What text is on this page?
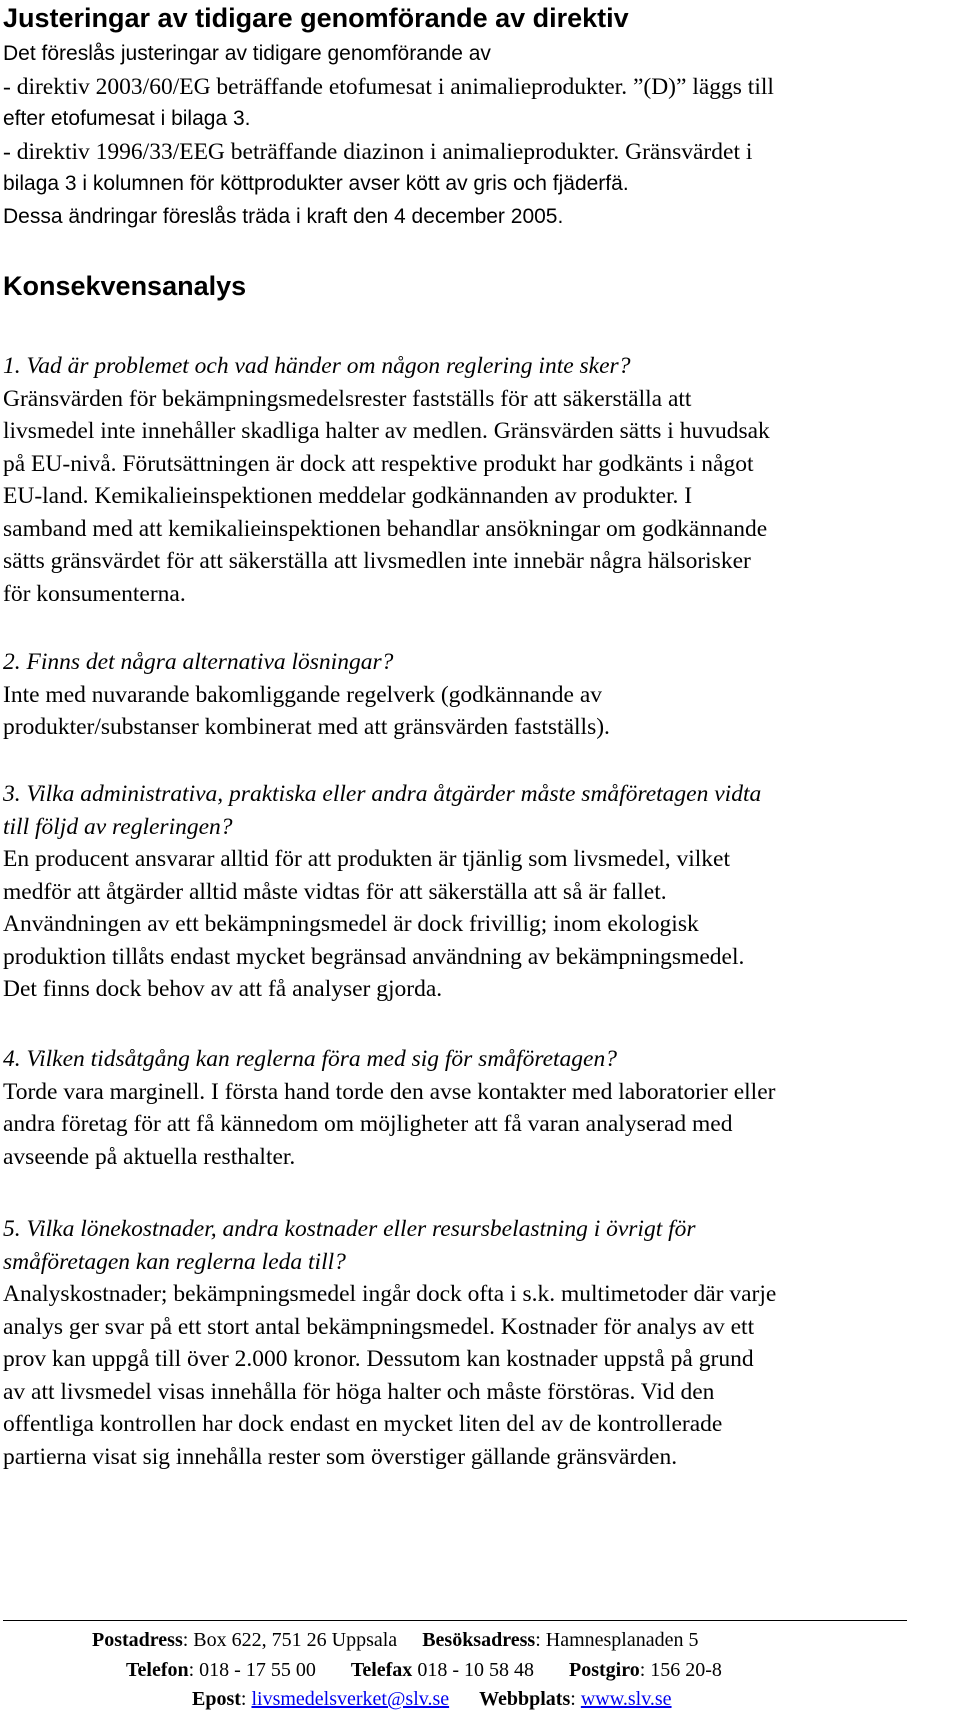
Justeringar av tidigare genomförande av direktiv
Det föreslås justeringar av tidigare genomförande av
- direktiv 2003/60/EG beträffande etofumesat i animalieprodukter. ”(D)” läggs till
efter etofumesat i bilaga 3.
- direktiv 1996/33/EEG beträffande diazinon i animalieprodukter. Gränsvärdet i
bilaga 3 i kolumnen för köttprodukter avser kött av gris och fjäderfä.
Dessa ändringar föreslås träda i kraft den 4 december 2005.
Konsekvensanalys
1. Vad är problemet och vad händer om någon reglering inte sker?
Gränsvärden för bekämpningsmedelsrester fastställs för att säkerställa att
livsmedel inte innehåller skadliga halter av medlen. Gränsvärden sätts i huvudsak
på EU-nivå. Förutsättningen är dock att respektive produkt har godkänts i något
EU-land. Kemikalieinspektionen meddelar godkännanden av produkter. I
samband med att kemikalieinspektionen behandlar ansökningar om godkännande
sätts gränsvärdet för att säkerställa att livsmedlen inte innebär några hälsorisker
för konsumenterna.
2. Finns det några alternativa lösningar?
Inte med nuvarande bakomliggande regelverk (godkännande av
produkter/substanser kombinerat med att gränsvärden fastställs).
3. Vilka administrativa, praktiska eller andra åtgärder måste småföretagen vidta
till följd av regleringen?
En producent ansvarar alltid för att produkten är tjänlig som livsmedel, vilket
medför att åtgärder alltid måste vidtas för att säkerställa att så är fallet.
Användningen av ett bekämpningsmedel är dock frivillig; inom ekologisk
produktion tillåts endast mycket begränsad användning av bekämpningsmedel.
Det finns dock behov av att få analyser gjorda.
4. Vilken tidsåtgång kan reglerna föra med sig för småföretagen?
Torde vara marginell. I första hand torde den avse kontakter med laboratorier eller
andra företag för att få kännedom om möjligheter att få varan analyserad med
avseende på aktuella resthalter.
5. Vilka lönekostnader, andra kostnader eller resursbelastning i övrigt för
småföretagen kan reglerna leda till?
Analyskostnader; bekämpningsmedel ingår dock ofta i s.k. multimetoder där varje
analys ger svar på ett stort antal bekämpningsmedel. Kostnader för analys av ett
prov kan uppgå till över 2.000 kronor. Dessutom kan kostnader uppstå på grund
av att livsmedel visas innehålla för höga halter och måste förstöras. Vid den
offentliga kontrollen har dock endast en mycket liten del av de kontrollerade
partierna visat sig innehålla rester som överstiger gällande gränsvärden.
Postadress: Box 622, 751 26 Uppsala Besöksadress: Hamnesplanaden 5
Telefon: 018 - 17 55 00 Telefax 018 - 10 58 48 Postgiro: 156 20-8
Epost: livsmedelsverket@slv.se Webbplats: www.slv.se
